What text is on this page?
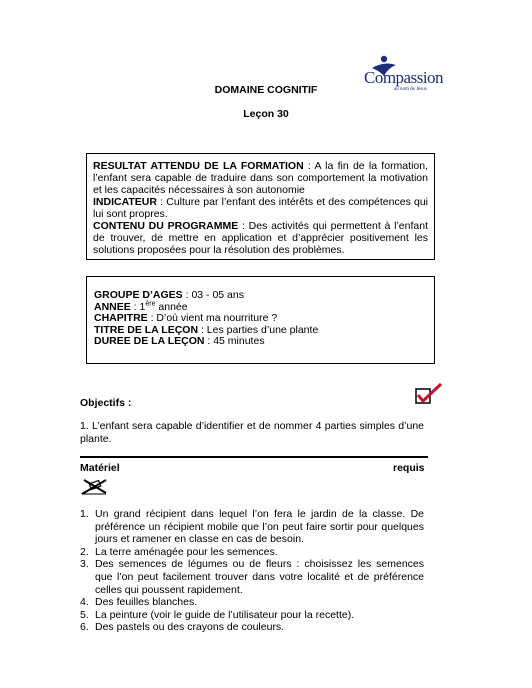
DOMAINE COGNITIF
Leçon 30
..
Compassion
au nom de Jésus
RESULTAT ATTENDU DE LA FORMATION : A la fin de la formation, l’enfant sera capable de traduire dans son comportement la motivation et les capacités nécessaires à son autonomie
INDICATEUR : Culture par l’enfant des intérêts et des compétences qui lui sont propres.
CONTENU DU PROGRAMME : Des activités qui permettent à l’enfant de trouver, de mettre en application et d’apprécier positivement les solutions proposées pour la résolution des problèmes.
GROUPE D’AGES : 03 - 05 ans
ANNEE : 1ère année
CHAPITRE : D’où vient ma nourriture ?
TITRE DE LA LEÇON : Les parties d’une plante
DUREE DE LA LEÇON : 45 minutes
Objectifs :
1. L’enfant sera capable d’identifier et de nommer 4 parties simples d’une plante.
Matériel	requis
1. Un grand récipient dans lequel l’on fera le jardin de la classe. De préférence un récipient mobile que l’on peut faire sortir pour quelques jours et ramener en classe en cas de besoin.
2. La terre aménagée pour les semences.
3. Des semences de légumes ou de fleurs : choisissez les semences que l’on peut facilement trouver dans votre localité et de préférence celles qui poussent rapidement.
4. Des feuilles blanches.
5. La peinture (voir le guide de l’utilisateur pour la recette).
6. Des pastels ou des crayons de couleurs.
